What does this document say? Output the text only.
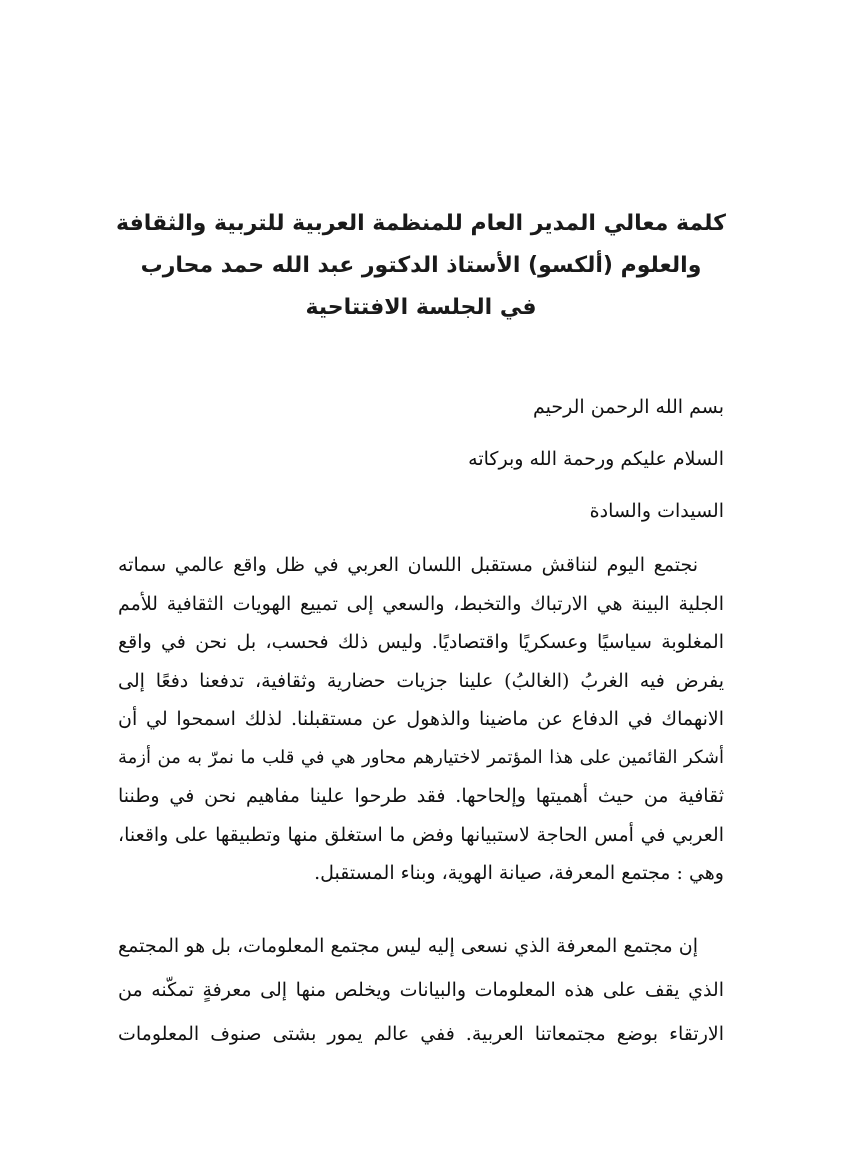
كلمة معالي المدير العام للمنظمة العربية للتربية والثقافة
والعلوم (ألكسو) الأستاذ الدكتور عبد الله حمد محارب
في الجلسة الافتتاحية
بسم الله الرحمن الرحيم
السلام عليكم ورحمة الله وبركاته
السيدات والسادة
نجتمع اليوم لنناقش مستقبل اللسان العربي في ظل واقع عالمي سماته
الجلية البينة هي الارتباك والتخبط، والسعي إلى تمييع الهويات الثقافية للأمم
المغلوبة سياسيًا وعسكريًا واقتصاديًا. وليس ذلك فحسب، بل نحن في واقع
يفرض فيه الغربُ (الغالبُ) علينا جزيات حضارية وثقافية، تدفعنا دفعًا إلى
الانهماك في الدفاع عن ماضينا والذهول عن مستقبلنا. لذلك اسمحوا لي أن
أشكر القائمين على هذا المؤتمر لاختيارهم محاور هي في قلب ما نمرّ به من أزمة
ثقافية من حيث أهميتها وإلحاحها. فقد طرحوا علينا مفاهيم نحن في وطننا
العربي في أمس الحاجة لاستبيانها وفض ما استغلق منها وتطبيقها على واقعنا،
وهي : مجتمع المعرفة، صيانة الهوية، وبناء المستقبل.
إن مجتمع المعرفة الذي نسعى إليه ليس مجتمع المعلومات، بل هو المجتمع
الذي يقف على هذه المعلومات والبيانات ويخلص منها إلى معرفةٍ تمكّنه من
الارتقاء بوضع مجتمعاتنا العربية. ففي عالم يمور بشتى صنوف المعلومات
